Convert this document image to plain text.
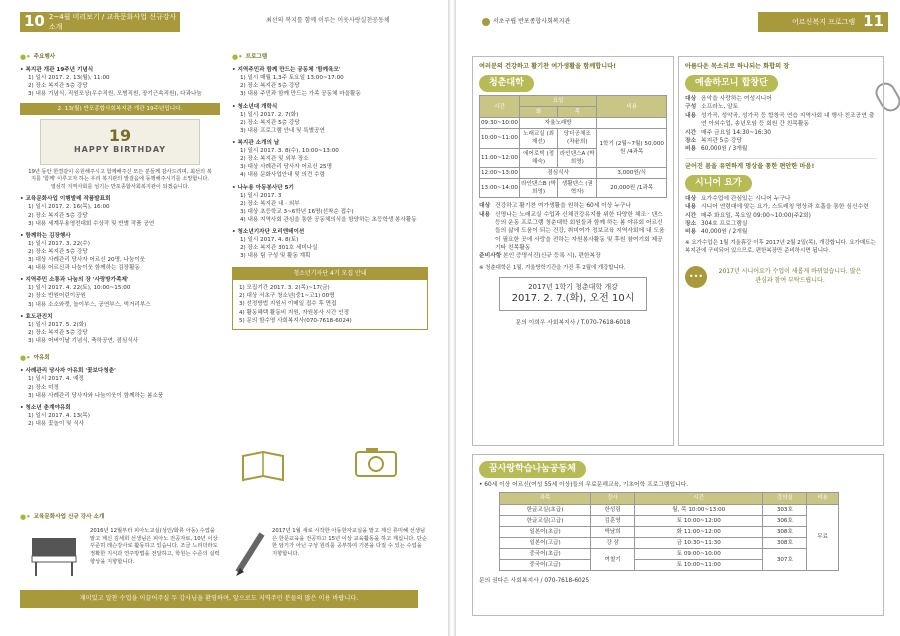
10 2~4월 미리보기 / 교육문화사업 신규강사 소개
최선의 복지를 함께 이루는 이웃사랑실천공동체
●• 주요행사
• 복지관 개관 19주년 기념식
1) 일시 2017. 2. 13(월), 11:00
2) 장소 복지관 5층 강당
3) 내용 기념식, 직원포상(우수직원, 모범직원, 장기근속직원), 다과나눔
2. 13(월) 반포종합사회복지관 개관 19주년입니다.
19
HAPPY BIRTHDAY

19년 동안 한결같이 응원해주시고 함께해주신 모든 분들께 감사드리며, 최선의 복지를 '함께' 이루고자 하는 우리 복지관의 발걸음에 동행해주시기를 소망합니다. 열심히 지역사회를 섬기는 반포종합사회복지관이 되겠습니다.

• 교육문화사업 이행발레 작품발표회
1) 일시 2017. 2. 16(목), 16:00
2) 장소 복지관 5층 강당
3) 내용 세계무용영전대회 수상작 및 반별 작품 공연
• 함께하는 김장행사
1) 일시 2017. 3. 22(수)
2) 장소 복지관 5층 강당
3) 대상 사례관리 당사자 어르신 20명, 나눔이웃
4) 내용 어르신과 나눔이웃 함께하는 김장활동
• 지역주민 소통과 나눔의 장 '사랑방가족제'
1) 일시 2017. 4. 22(토), 10:00~15:00
2) 장소 반원어린이공원
3) 내용 소소와켓, 놀이부스, 공연부스, 먹거리부스
• 효도관진치
1) 일시 2017. 5. 2(화)
2) 장소 복지관 5층 강당
3) 내용 어버이날 기념식, 축하공연, 점심식사
●• 아유회
• 사례관리 당사자 아유회 '꽃보다청춘'
1) 일시 2017. 4. 예정
2) 장소 미정
3) 내용 사례관리 당사자와 나눔이웃이 함께하는 봄소풍
• 청소년 춘계야유회
1) 일시 2017. 4. 13(목)
2) 내용 꽃놀이 및 식사
●• 프로그램
• 지역주민과 함께 만드는 공동체 '함께육모'
1) 일시 매월 1,3주 토요일 13:00~17:00
2) 장소 복지관 5층 강당
3) 내용 주민과 함께 만드는 가족 공동체 마을활동
• 청소년대 개학식
1) 일시 2017. 2. 7(화)
2) 장소 복지관 5층 강당
3) 내용 프로그램 안내 및 특별공연
• 복지관 소개의 날
1) 일시 2017. 3. 8(수), 10:00~13:00
2) 장소 복지관 및 외부 장소
3) 대상 사례관리 당사자 어르신 25명
4) 내용 문화사업안내 및 의견 수렴
• 나누용 아동봉사단 5기
1) 일시 2017. 3
2) 장소 복지관 내 · 외부
3) 대상 초등학교 3~6학년 16명(선착순 접수)
4) 내용 지역사회 관심을 통한 공동체의식을 함양하는 초등학생 봉사활동
• 청소년기자단 오리엔테이션
1) 일시 2017. 4. 8(토)
2) 장소 복지관 301호 세미나실
3) 내용 팀 구성 및 활동 계획
청소년기자단 4기 모집 안내
1) 모집기간 2017. 3. 2(목)~17(금)
2) 대상 서초구 청소년(중1~고1) 00명
3) 선정방법 지원서 이메일 접수 후 면접
4) 활동혜택 활동비 지원, 자원봉사 시간 인정
5) 문의 함수영 사회복지사(070-7618-6024)
●• 교육문화사업 신규 강사 소개

2016년 12월부터 피아노교실(성인/화류 아동) 수업을 맡고 계신 김세희 선생님은 피아노 전공자로, 10년 이상 꾸준히 레슨강사로 활동하고 있습니다. 조금 느리더라도 정확한 지식과 연주방법을 전달하고, 학원는 수준의 실력 향상을 지향합니다.

2017년 1월 새로 시작한 아동한자교실을 맡고 계신 류미혜 선생님은 한문교육을 전공하고 15년 이상 교육활동을 하고 계십니다. 단순한 암기가 아닌 구성 원리를 공부하여 기본을 다질 수 있는 수업을 지향합니다.

재미있고 알찬 수업을 이끌어주실 두 강사님을 환영하며, 앞으로도 지역주민 분들의 많은 이용 바랍니다.
서초구립 반포종합사회복지관	어르신복지 프로그램 11
여러분의 건강하고 활기찬 여가생활을 함께합니다!
청춘대학
시간	요일		비용
	화	목	
09:30~10:00	자율노래방		
10:00~11:00	노래교실 (최재선)	당더공체조 (차윤희)	1학기 (2월~7월) 50,000원 /4과목
11:00~12:00	에어로빅 (정해숙)	라인댄스A (박희영)	
12:00~13:00	점심식사		3,000원/식
13:00~14:00	라인댄스B (박희영)	생활댄스 (권혁자)	20,000원 /1과목
대상 건강하고 활기찬 여가생활을 원하는 60세 이상 누구나
내용 신명나는 노래교실 수업과 신체건강유지를 위한 다양한 체조 · 댄스 등의 운동 프로그램 청춘대학 회원들과 함께 하는 봄 야유회 어르신들의 삶에 도움이 되는 건강, 취미여가 정보교육 지역사회에 내 도움이 필요한 곳에 사랑을 전하는 자원봉사활동 및 후원 참여기회 제공 기타 친목활동
준비사항 본인 증명서진(신규 등록 시), 편한복장
※ 청춘대학은 1월, 겨울방학기간을 가진 후 2월에 개강합니다.
2017년 1학기 청춘대학 개강
2017. 2. 7.(화), 오전 10시
문의 이희우 사회복지사 / T.070-7618-6018
아름다운 목소리로 하나되는 화합의 장
예솔하모니 합창단
대상 음악을 사랑하는 여성시니어
구성 소프라노, 알토
내용 성가곡, 성악곡, 성가곡 등 합창곡 연습 지역사회 내 행사 친조공연 출연 아외수업, 송년모임 등 회원 간 친목활동
시간 매주 금요일 14:30~16:30
장소 복지관 5층 강당
비용 60,000원 / 3개월
굳어진 몸을 유연하게 명상을 통한 편안한 마음!
시니어 요가
대상 요가수업에 관심있는 시니어 누구나
내용 시니어 연령대에 맞는 요가, 스트레칭 명상과 호흡을 통한 심신수련
시간 매주 화요일, 목요일 09:00~10:00(주2회)
장소 304호 프로그램실
비용 40,000원 / 2개월
※ 요가수업은 1월 겨울휴강 이후 2017년 2월 2일(목), 개강합니다. 요가매트는 복지관에 구비되어 있으므로, 편한복장만 준비하시면 됩니다.
•••
2017년 시니어요가 수업이 새롭게 바뀌었습니다. 많은 관심과 참여 부탁드립니다.
꿈사랑학습나눔공동체
• 60세 이상 어르신(여성 55세 이상)들의 무료문해교육, 기초어학 프로그램입니다.
과목	강사	시간	강의실	비용
한글교실(초급)	한성림	월, 목 10:00~13:00	303호	무료
한글교실(고급)	김훈영	토 10:00~12:00	306호	
일본어(초급)	박남희	화 11:00~12:00	308호	
일본어(고급)	강 삼	금 10:30~11:30	308호	
중국어(초급)	여철기	토 09:00~10:00	307호	
중국어(고급)		토 10:00~11:00		
문의 권다은 사회복지사 / 070-7618-6025
